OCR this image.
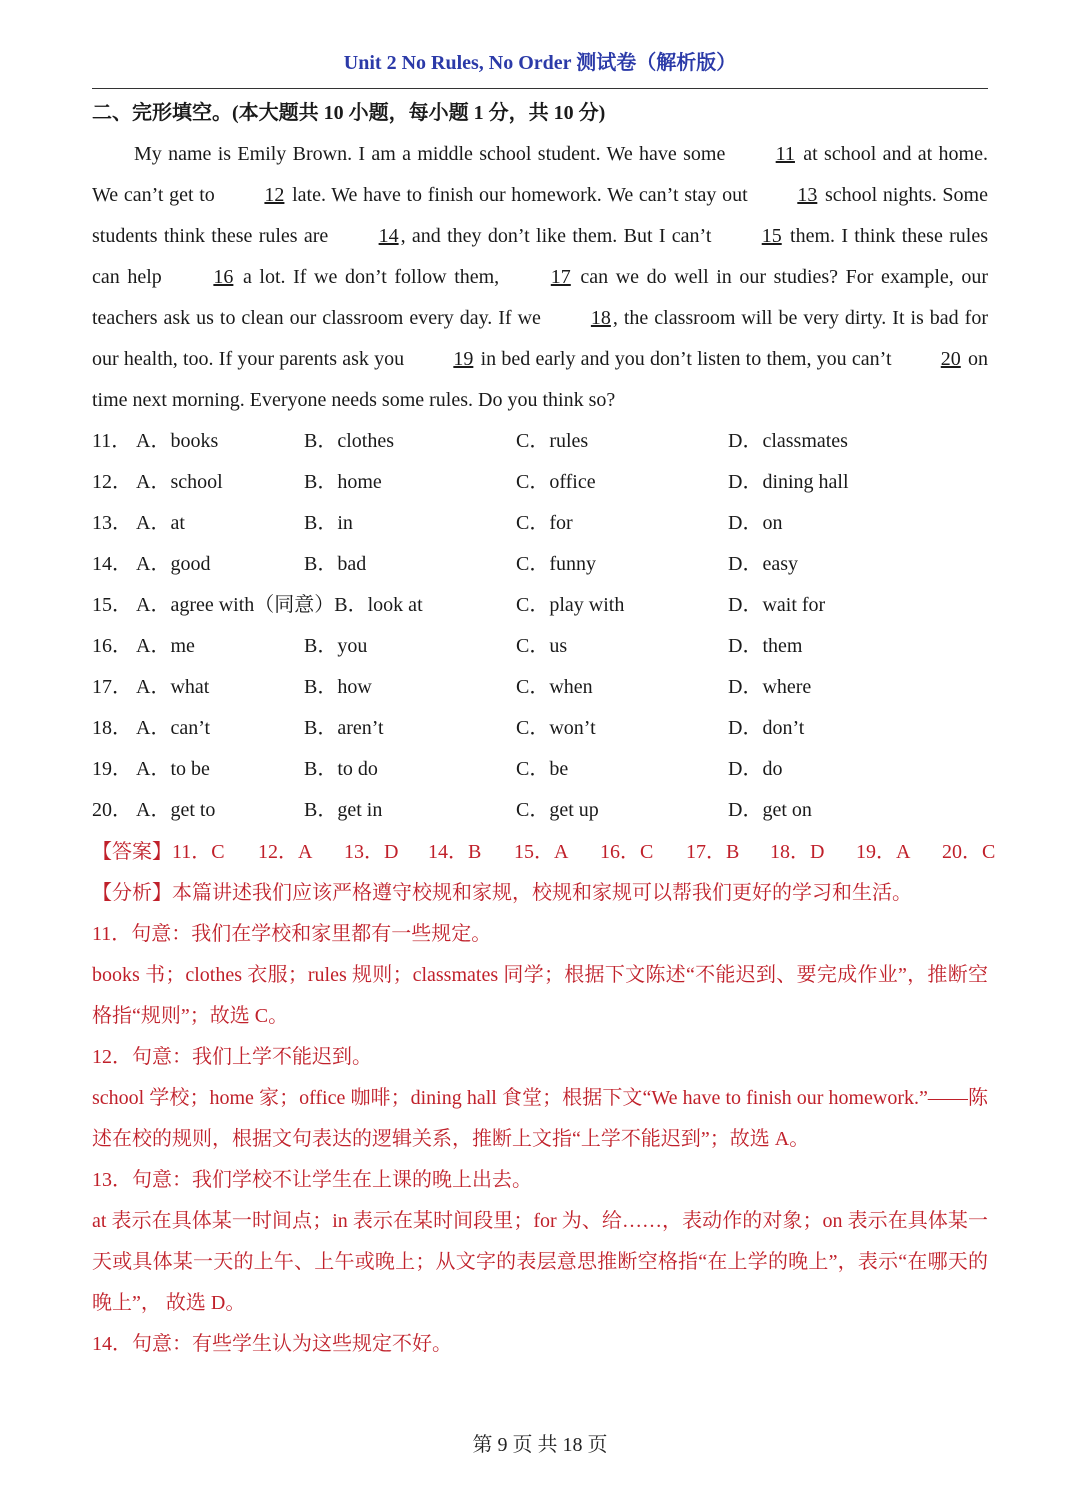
Unit 2 No Rules, No Order 测试卷（解析版）
二、完形填空。(本大题共 10 小题，每小题 1 分，共 10 分)

My name is Emily Brown. I am a middle school student. We have some 11 at school and at home. We can’t get to 12 late. We have to finish our homework. We can’t stay out 13 school nights. Some students think these rules are 14 , and they don’t like them. But I can’t 15 them. I think these rules can help 16 a lot. If we don’t follow them, 17 can we do well in our studies? For example, our teachers ask us to clean our classroom every day. If we 18 , the classroom will be very dirty. It is bad for our health, too. If your parents ask you 19 in bed early and you don’t listen to them, you can’t 20 on time next morning. Everyone needs some rules. Do you think so?

11． A．books	B．clothes	C．rules	D．classmates
12． A．school	B．home	C．office	D．dining hall
13． A．at	B．in	C．for	D．on
14． A．good	B．bad	C．funny	D．easy
15． A．agree with（同意）B．look at	C．play with	D．wait for
16． A．me	B．you	C．us	D．them
17． A．what	B．how	C．when	D．where
18． A．can’t	B．aren’t	C．won’t	D．don’t
19． A．to be	B．to do	C．be	D．do
20． A．get to	B．get in	C．get up	D．get on
【答案】11．C 12．A 13．D 14．B 15．A 16．C 17．B 18．D 19．A 20．C

【分析】本篇讲述我们应该严格遵守校规和家规，校规和家规可以帮我们更好的学习和生活。

11．句意：我们在学校和家里都有一些规定。

books 书；clothes 衣服；rules 规则；classmates 同学；根据下文陈述“不能迟到、要完成作业”，推断空格指“规则”；故选 C。

12．句意：我们上学不能迟到。

school 学校；home 家；office 咖啡；dining hall 食堂；根据下文“We have to finish our homework.”——陈述在校的规则，根据文句表达的逻辑关系，推断上文指“上学不能迟到”；故选 A。

13．句意：我们学校不让学生在上课的晚上出去。

at 表示在具体某一时间点；in 表示在某时间段里；for 为、给……，表动作的对象；on 表示在具体某一天或具体某一天的上午、上午或晚上；从文字的表层意思推断空格指“在上学的晚上”，表示“在哪天的晚上”， 故选 D。

14．句意：有些学生认为这些规定不好。

第 9 页 共 18 页
